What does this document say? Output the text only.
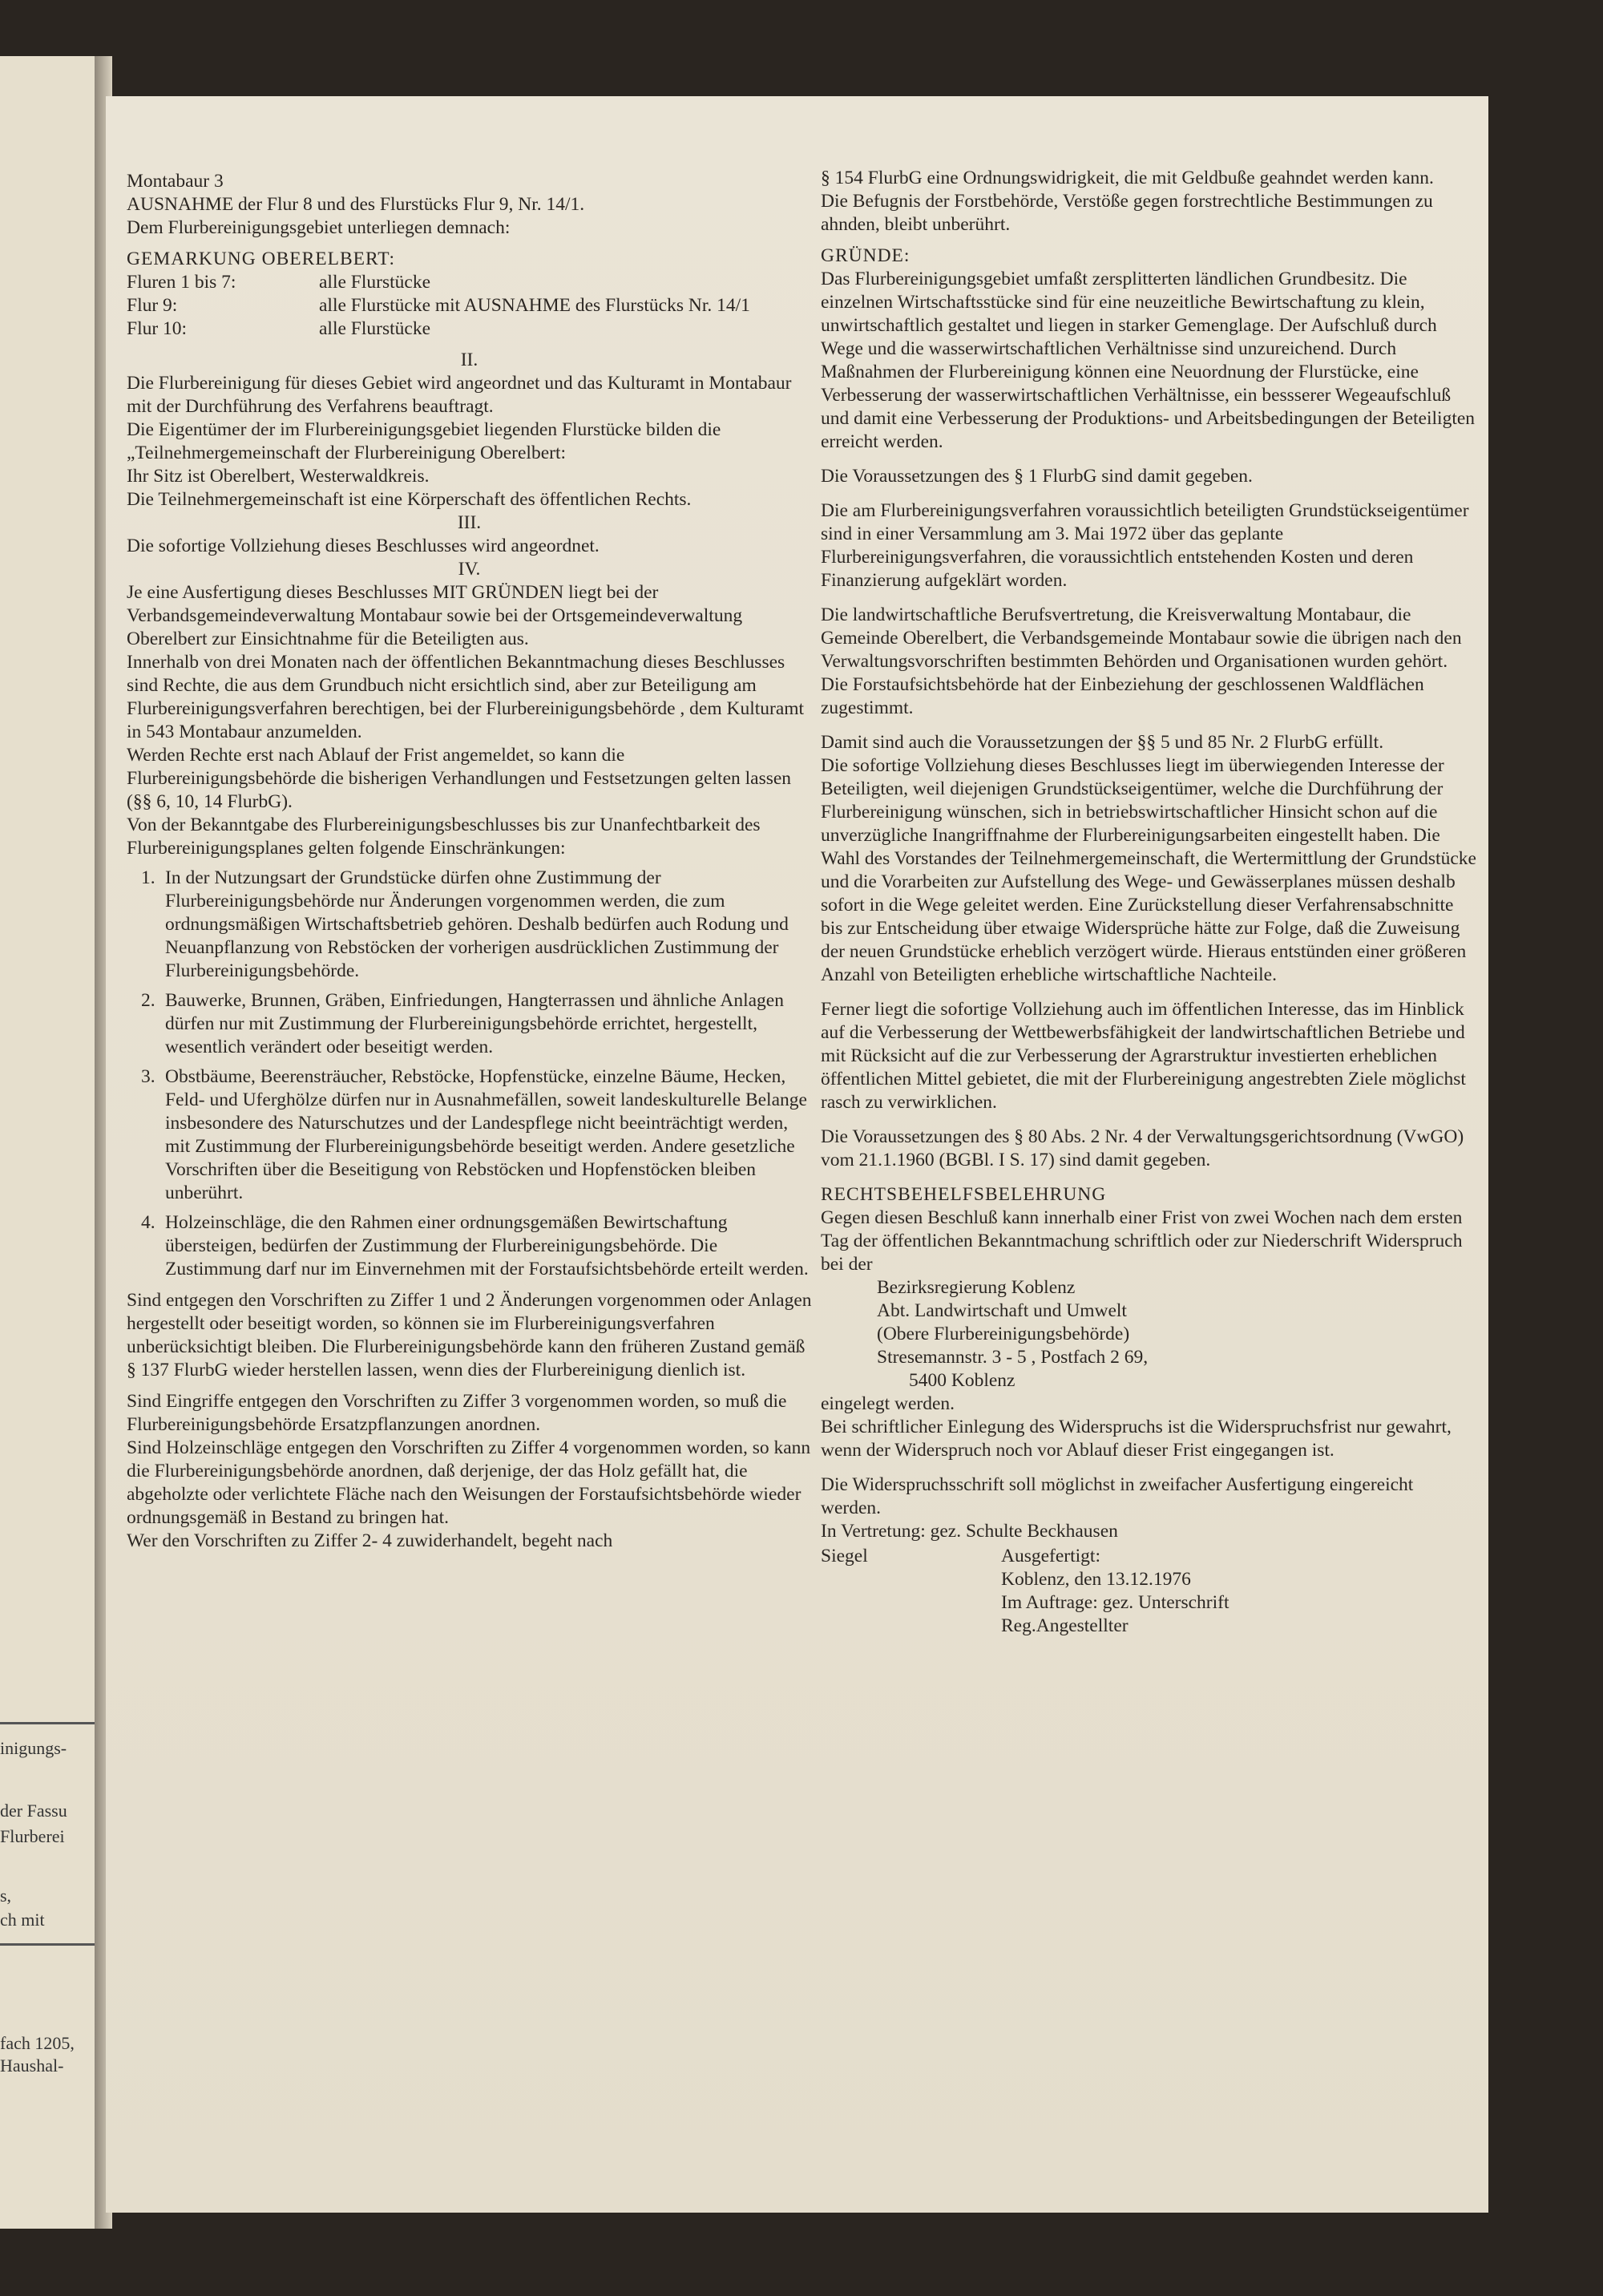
inigungs-
der Fassu
Flurberei
s,
ch mit
fach 1205,
Haushal-

Montabaur 3

AUSNAHME der Flur 8 und des Flurstücks Flur 9, Nr. 14/1.

Dem Flurbereinigungsgebiet unterliegen demnach:

GEMARKUNG OBERELBERT:

Fluren 1 bis 7:	alle Flurstücke
Flur 9:	alle Flurstücke mit AUSNAHME des Flurstücks Nr. 14/1
Flur 10:	alle Flurstücke

II.

Die Flurbereinigung für dieses Gebiet wird angeordnet und das Kulturamt in Montabaur mit der Durchführung des Verfahrens beauftragt.

Die Eigentümer der im Flurbereinigungsgebiet liegenden Flurstücke bilden die

„Teilnehmergemeinschaft der Flurbereinigung Oberelbert:

Ihr Sitz ist Oberelbert, Westerwaldkreis.

Die Teilnehmergemeinschaft ist eine Körperschaft des öffentlichen Rechts.

III.

Die sofortige Vollziehung dieses Beschlusses wird angeordnet.

IV.

Je eine Ausfertigung dieses Beschlusses MIT GRÜNDEN liegt bei der Verbandsgemeindeverwaltung Montabaur sowie bei der Ortsgemeindeverwaltung Oberelbert zur Einsichtnahme für die Beteiligten aus.

Innerhalb von drei Monaten nach der öffentlichen Bekanntmachung dieses Beschlusses sind Rechte, die aus dem Grundbuch nicht ersichtlich sind, aber zur Beteiligung am Flurbereinigungsverfahren berechtigen, bei der Flurbereinigungsbehörde , dem Kulturamt in 543 Montabaur anzumelden.

Werden Rechte erst nach Ablauf der Frist angemeldet, so kann die Flurbereinigungsbehörde die bisherigen Verhandlungen und Festsetzungen gelten lassen (§§ 6, 10, 14 FlurbG).

Von der Bekanntgabe des Flurbereinigungsbeschlusses bis zur Unanfechtbarkeit des Flurbereinigungsplanes gelten folgende Einschränkungen:

1. In der Nutzungsart der Grundstücke dürfen ohne Zustimmung der Flurbereinigungsbehörde nur Änderungen vorgenommen werden, die zum ordnungsmäßigen Wirtschaftsbetrieb gehören. Deshalb bedürfen auch Rodung und Neuanpflanzung von Rebstöcken der vorherigen ausdrücklichen Zustimmung der Flurbereinigungsbehörde.
2. Bauwerke, Brunnen, Gräben, Einfriedungen, Hangterrassen und ähnliche Anlagen dürfen nur mit Zustimmung der Flurbereinigungsbehörde errichtet, hergestellt, wesentlich verändert oder beseitigt werden.
3. Obstbäume, Beerensträucher, Rebstöcke, Hopfenstücke, einzelne Bäume, Hecken, Feld- und Uferghölze dürfen nur in Ausnahmefällen, soweit landeskulturelle Belange insbesondere des Naturschutzes und der Landespflege nicht beeinträchtigt werden, mit Zustimmung der Flurbereinigungsbehörde beseitigt werden. Andere gesetzliche Vorschriften über die Beseitigung von Rebstöcken und Hopfenstöcken bleiben unberührt.
4. Holzeinschläge, die den Rahmen einer ordnungsgemäßen Bewirtschaftung übersteigen, bedürfen der Zustimmung der Flurbereinigungsbehörde. Die Zustimmung darf nur im Einvernehmen mit der Forstaufsichtsbehörde erteilt werden.

Sind entgegen den Vorschriften zu Ziffer 1 und 2 Änderungen vorgenommen oder Anlagen hergestellt oder beseitigt worden, so können sie im Flurbereinigungsverfahren unberücksichtigt bleiben. Die Flurbereinigungsbehörde kann den früheren Zustand gemäß § 137 FlurbG wieder herstellen lassen, wenn dies der Flurbereinigung dienlich ist.

Sind Eingriffe entgegen den Vorschriften zu Ziffer 3 vorgenommen worden, so muß die Flurbereinigungsbehörde Ersatzpflanzungen anordnen.

Sind Holzeinschläge entgegen den Vorschriften zu Ziffer 4 vorgenommen worden, so kann die Flurbereinigungsbehörde anordnen, daß derjenige, der das Holz gefällt hat, die abgeholzte oder verlichtete Fläche nach den Weisungen der Forstaufsichtsbehörde wieder ordnungsgemäß in Bestand zu bringen hat.

Wer den Vorschriften zu Ziffer 2- 4 zuwiderhandelt, begeht nach

§ 154 FlurbG eine Ordnungswidrigkeit, die mit Geldbuße geahndet werden kann.

Die Befugnis der Forstbehörde, Verstöße gegen forstrechtliche Bestimmungen zu ahnden, bleibt unberührt.

GRÜNDE:

Das Flurbereinigungsgebiet umfaßt zersplitterten ländlichen Grundbesitz. Die einzelnen Wirtschaftsstücke sind für eine neuzeitliche Bewirtschaftung zu klein, unwirtschaftlich gestaltet und liegen in starker Gemenglage. Der Aufschluß durch Wege und die wasserwirtschaftlichen Verhältnisse sind unzureichend. Durch Maßnahmen der Flurbereinigung können eine Neuordnung der Flurstücke, eine Verbesserung der wasserwirtschaftlichen Verhältnisse, ein bessserer Wegeaufschluß und damit eine Verbesserung der Produktions- und Arbeitsbedingungen der Beteiligten erreicht werden.

Die Voraussetzungen des § 1 FlurbG sind damit gegeben.

Die am Flurbereinigungsverfahren voraussichtlich beteiligten Grundstückseigentümer sind in einer Versammlung am 3. Mai 1972 über das geplante Flurbereinigungsverfahren, die voraussichtlich entstehenden Kosten und deren Finanzierung aufgeklärt worden.

Die landwirtschaftliche Berufsvertretung, die Kreisverwaltung Montabaur, die Gemeinde Oberelbert, die Verbandsgemeinde Montabaur sowie die übrigen nach den Verwaltungsvorschriften bestimmten Behörden und Organisationen wurden gehört. Die Forstaufsichtsbehörde hat der Einbeziehung der geschlossenen Waldflächen zugestimmt.

Damit sind auch die Voraussetzungen der §§ 5 und 85 Nr. 2 FlurbG erfüllt.

Die sofortige Vollziehung dieses Beschlusses liegt im überwiegenden Interesse der Beteiligten, weil diejenigen Grundstückseigentümer, welche die Durchführung der Flurbereinigung wünschen, sich in betriebswirtschaftlicher Hinsicht schon auf die unverzügliche Inangriffnahme der Flurbereinigungsarbeiten eingestellt haben. Die Wahl des Vorstandes der Teilnehmergemeinschaft, die Wertermittlung der Grundstücke und die Vorarbeiten zur Aufstellung des Wege- und Gewässerplanes müssen deshalb sofort in die Wege geleitet werden. Eine Zurückstellung dieser Verfahrensabschnitte bis zur Entscheidung über etwaige Widersprüche hätte zur Folge, daß die Zuweisung der neuen Grundstücke erheblich verzögert würde. Hieraus entstünden einer größeren Anzahl von Beteiligten erhebliche wirtschaftliche Nachteile.

Ferner liegt die sofortige Vollziehung auch im öffentlichen Interesse, das im Hinblick auf die Verbesserung der Wettbewerbsfähigkeit der landwirtschaftlichen Betriebe und mit Rücksicht auf die zur Verbesserung der Agrarstruktur investierten erheblichen öffentlichen Mittel gebietet, die mit der Flurbereinigung angestrebten Ziele möglichst rasch zu verwirklichen.

Die Voraussetzungen des § 80 Abs. 2 Nr. 4 der Verwaltungsgerichtsordnung (VwGO) vom 21.1.1960 (BGBl. I S. 17) sind damit gegeben.

RECHTSBEHELFSBELEHRUNG

Gegen diesen Beschluß kann innerhalb einer Frist von zwei Wochen nach dem ersten Tag der öffentlichen Bekanntmachung schriftlich oder zur Niederschrift Widerspruch bei der

Bezirksregierung Koblenz

Abt. Landwirtschaft und Umwelt

(Obere Flurbereinigungsbehörde)

Stresemannstr. 3 - 5 , Postfach 2 69,

5400 Koblenz

eingelegt werden.

Bei schriftlicher Einlegung des Widerspruchs ist die Widerspruchsfrist nur gewahrt, wenn der Widerspruch noch vor Ablauf dieser Frist eingegangen ist.

Die Widerspruchsschrift soll möglichst in zweifacher Ausfertigung eingereicht werden.

In Vertretung: gez. Schulte Beckhausen

Siegel	Ausgefertigt:

Koblenz, den 13.12.1976

Im Auftrage: gez. Unterschrift

Reg.Angestellter
